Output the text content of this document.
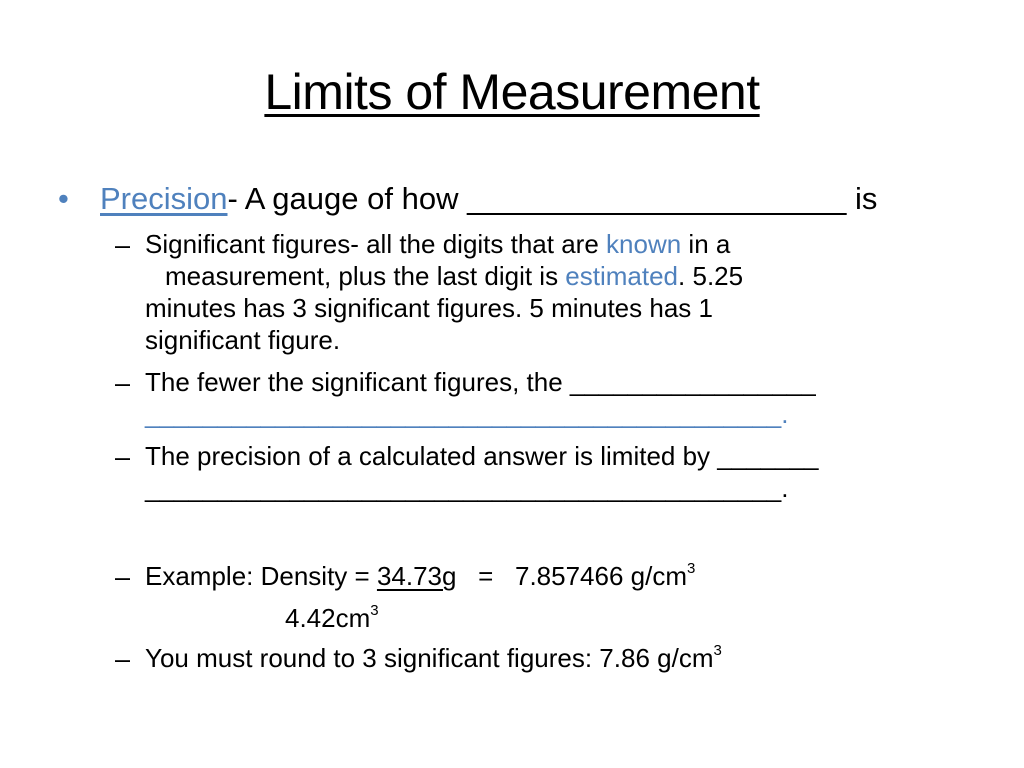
Limits of Measurement
• Precision- A gauge of how ______________________ is
– Significant figures- all the digits that are known in a
measurement, plus the last digit is estimated. 5.25
minutes has 3 significant figures. 5 minutes has 1
significant figure.
– The fewer the significant figures, the _________________
____________________________________________.
– The precision of a calculated answer is limited by _______
____________________________________________.
– Example: Density = 34.73g   =   7.857466 $g/cm^3$
$4.42cm^3$
– You must round to 3 significant figures: 7.86 $g/cm^3$
